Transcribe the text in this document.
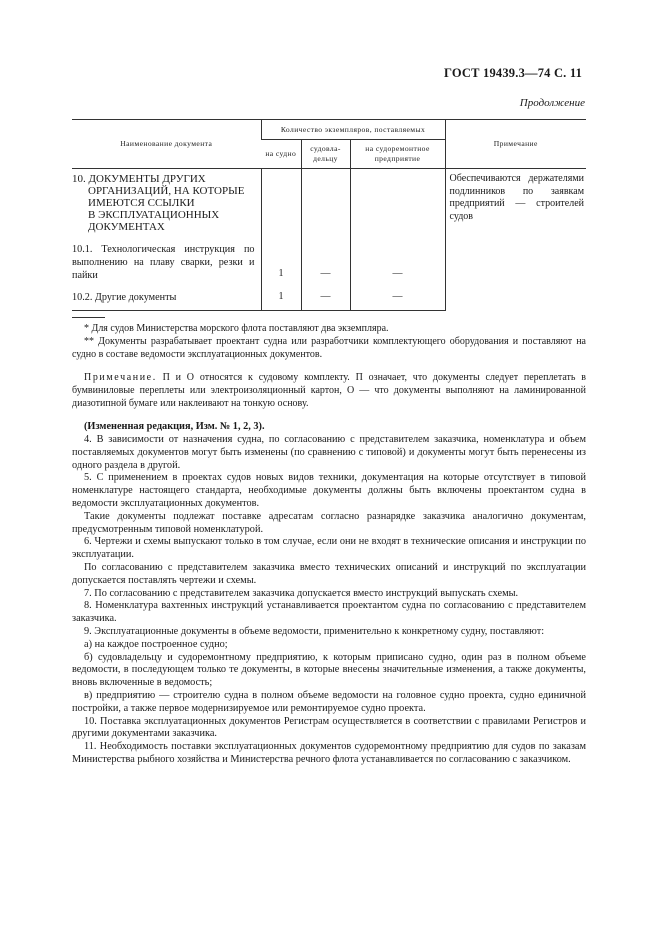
ГОСТ 19439.3—74 С. 11
Продолжение
Наименование документа	Количество экземпляров, поставляемых			Примечание
	на судно	судовла-дельцу	на судоремонтное предприятие	

10. ДОКУМЕНТЫ ДРУГИХ
ОРГАНИЗАЦИЙ, НА КОТОРЫЕ
ИМЕЮТСЯ ССЫЛКИ
В ЭКСПЛУАТАЦИОННЫХ
ДОКУМЕНТАХ				Обеспечиваются держателями подлинников по заявкам предприятий — строителей судов

10.1. Технологическая инструкция по выполнению на плаву сварки, резки и пайки	1	—	—	

10.2. Другие документы	1	—	—	
* Для судов Министерства морского флота поставляют два экземпляра.
** Документы разрабатывает проектант судна или разработчики комплектующего оборудования и поставляют на судно в составе ведомости эксплуатационных документов.
Примечание. П и О относятся к судовому комплекту. П означает, что документы следует переплетать в бумвиниловые переплеты или электроизоляционный картон, О — что документы выполняют на ламинированной диазотипной бумаге или наклеивают на тонкую основу.
(Измененная редакция, Изм. № 1, 2, 3).
4. В зависимости от назначения судна, по согласованию с представителем заказчика, номенклатура и объем поставляемых документов могут быть изменены (по сравнению с типовой) и документы могут быть перенесены из одного раздела в другой.
5. С применением в проектах судов новых видов техники, документация на которые отсутствует в типовой номенклатуре настоящего стандарта, необходимые документы должны быть включены проектантом судна в ведомости эксплуатационных документов.
Такие документы подлежат поставке адресатам согласно разнарядке заказчика аналогично документам, предусмотренным типовой номенклатурой.
6. Чертежи и схемы выпускают только в том случае, если они не входят в технические описания и инструкции по эксплуатации.
По согласованию с представителем заказчика вместо технических описаний и инструкций по эксплуатации допускается поставлять чертежи и схемы.
7. По согласованию с представителем заказчика допускается вместо инструкций выпускать схемы.
8. Номенклатура вахтенных инструкций устанавливается проектантом судна по согласованию с представителем заказчика.
9. Эксплуатационные документы в объеме ведомости, применительно к конкретному судну, поставляют:
а) на каждое построенное судно;
б) судовладельцу и судоремонтному предприятию, к которым приписано судно, один раз в полном объеме ведомости, в последующем только те документы, в которые внесены значительные изменения, а также документы, вновь включенные в ведомость;
в) предприятию — строителю судна в полном объеме ведомости на головное судно проекта, судно единичной постройки, а также первое модернизируемое или ремонтируемое судно проекта.
10. Поставка эксплуатационных документов Регистрам осуществляется в соответствии с правилами Регистров и другими документами заказчика.
11. Необходимость поставки эксплуатационных документов судоремонтному предприятию для судов по заказам Министерства рыбного хозяйства и Министерства речного флота устанавливается по согласованию с заказчиком.
